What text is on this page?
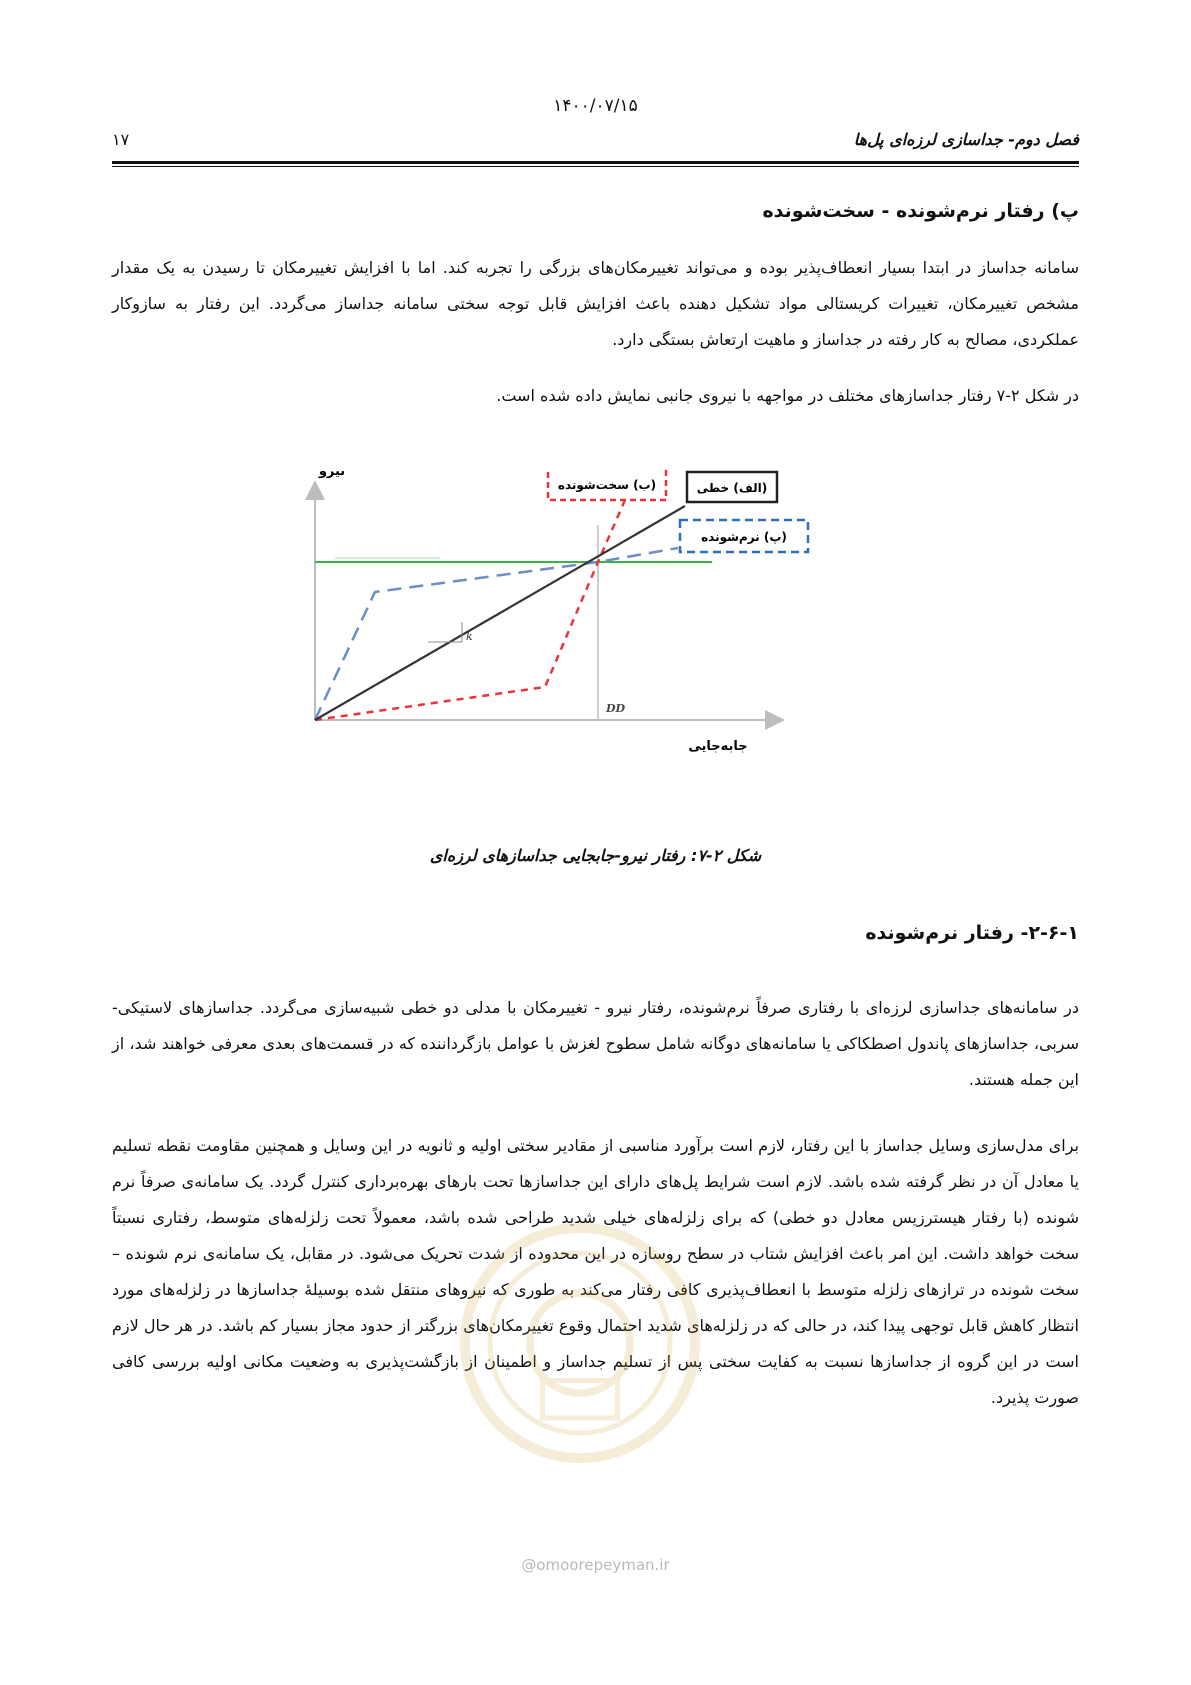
۱۴۰۰/۰۷/۱۵
۱۷	فصل دوم- جداسازی لرزه‌ای پل‌ها
پ) رفتار نرم‌شونده - سخت‌شونده
سامانه جداساز در ابتدا بسیار انعطاف‌پذیر بوده و می‌تواند تغییرمکان‌های بزرگی را تجربه کند. اما با افزایش تغییرمکان تا رسیدن به یک مقدار مشخص تغییرمکان، تغییرات کریستالی مواد تشکیل دهنده باعث افزایش قابل توجه سختی سامانه جداساز می‌گردد. این رفتار به سازوکار عملکردی، مصالح به کار رفته در جداساز و ماهیت ارتعاش بستگی دارد.
در شکل ۲-۷ رفتار جداسازهای مختلف در مواجهه با نیروی جانبی نمایش داده شده است.
نیرو
جابه‌جایی
DD
k
(الف) خطی
(ب) سخت‌شونده
(پ) نرم‌شونده
شکل ۲-۷: رفتار نیرو-جابجایی جداسازهای لرزه‌ای
۲-۶-۱- رفتار نرم‌شونده
در سامانه‌های جداسازی لرزه‌ای با رفتاری صرفاً نرم‌شونده، رفتار نیرو - تغییرمکان با مدلی دو خطی شبیه‌سازی می‌گردد. جداسازهای لاستیکی- سربی، جداسازهای پاندول اصطکاکی یا سامانه‌های دوگانه شامل سطوح لغزش با عوامل بازگرداننده که در قسمت‌های بعدی معرفی خواهند شد، از این جمله هستند.
برای مدل‌سازی وسایل جداساز با این رفتار، لازم است برآورد مناسبی از مقادیر سختی اولیه و ثانویه در این وسایل و همچنین مقاومت نقطه تسلیم یا معادل آن در نظر گرفته شده باشد. لازم است شرایط پل‌های دارای این جداسازها تحت بارهای بهره‌برداری کنترل گردد. یک سامانه‌ی صرفاً نرم شونده (با رفتار هیسترزیس معادل دو خطی) که برای زلزله‌های خیلی شدید طراحی شده باشد، معمولاً تحت زلزله‌های متوسط، رفتاری نسبتاً سخت خواهد داشت. این امر باعث افزایش شتاب در سطح روسازه در این محدوده از شدت تحریک می‌شود. در مقابل، یک سامانه‌ی نرم شونده – سخت شونده در ترازهای زلزله متوسط با انعطاف‌پذیری کافی رفتار می‌کند به طوری که نیروهای منتقل شده بوسیلهٔ جداسازها در زلزله‌های مورد انتظار کاهش قابل توجهی پیدا کند، در حالی که در زلزله‌های شدید احتمال وقوع تغییرمکان‌های بزرگتر از حدود مجاز بسیار کم باشد. در هر حال لازم است در این گروه از جداسازها نسبت به کفایت سختی پس از تسلیم جداساز و اطمینان از بازگشت‌پذیری به وضعیت مکانی اولیه بررسی کافی صورت پذیرد.
@omoorepeyman.ir
